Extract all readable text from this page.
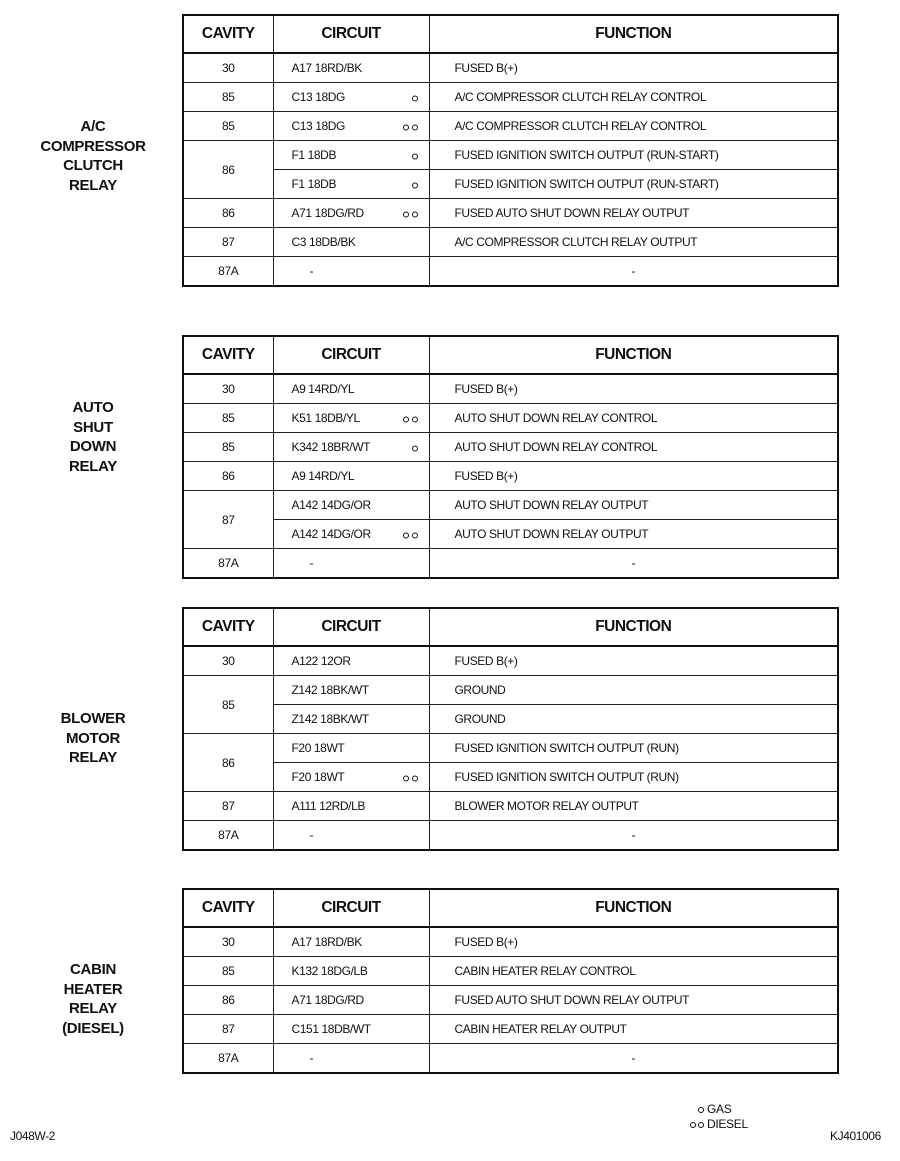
A/C
COMPRESSOR
CLUTCH
RELAY
CAVITY	CIRCUIT	FUNCTION
30	A17 18RD/BK	FUSED B(+)
85	C13 18DG	A/C COMPRESSOR CLUTCH RELAY CONTROL
85	C13 18DG	A/C COMPRESSOR CLUTCH RELAY CONTROL
86	F1 18DB	FUSED IGNITION SWITCH OUTPUT (RUN-START)
	F1 18DB	FUSED IGNITION SWITCH OUTPUT (RUN-START)
86	A71 18DG/RD	FUSED AUTO SHUT DOWN RELAY OUTPUT
87	C3 18DB/BK	A/C COMPRESSOR CLUTCH RELAY OUTPUT
87A	-	-
AUTO
SHUT
DOWN
RELAY
CAVITY	CIRCUIT	FUNCTION
30	A9 14RD/YL	FUSED B(+)
85	K51 18DB/YL	AUTO SHUT DOWN RELAY CONTROL
85	K342 18BR/WT	AUTO SHUT DOWN RELAY CONTROL
86	A9 14RD/YL	FUSED B(+)
87	A142 14DG/OR	AUTO SHUT DOWN RELAY OUTPUT
	A142 14DG/OR	AUTO SHUT DOWN RELAY OUTPUT
87A	-	-
BLOWER
MOTOR
RELAY
CAVITY	CIRCUIT	FUNCTION
30	A122 12OR	FUSED B(+)
85	Z142 18BK/WT	GROUND
	Z142 18BK/WT	GROUND
86	F20 18WT	FUSED IGNITION SWITCH OUTPUT (RUN)
	F20 18WT	FUSED IGNITION SWITCH OUTPUT (RUN)
87	A111 12RD/LB	BLOWER MOTOR RELAY OUTPUT
87A	-	-
CABIN
HEATER
RELAY
(DIESEL)
CAVITY	CIRCUIT	FUNCTION
30	A17 18RD/BK	FUSED B(+)
85	K132 18DG/LB	CABIN HEATER RELAY CONTROL
86	A71 18DG/RD	FUSED AUTO SHUT DOWN RELAY OUTPUT
87	C151 18DB/WT	CABIN HEATER RELAY OUTPUT
87A	-	-
GAS
DIESEL
J048W-2	KJ401006
